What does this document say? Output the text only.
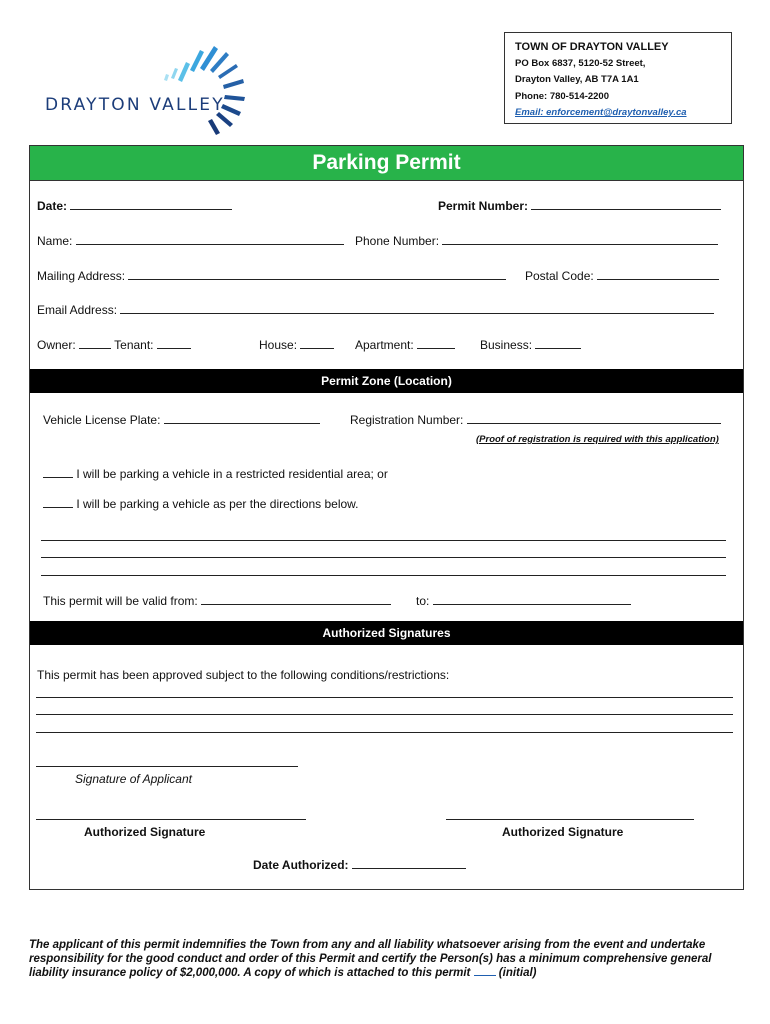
DRAYTON VALLEY
TOWN OF DRAYTON VALLEY
PO Box 6837, 5120-52 Street,
Drayton Valley, AB T7A 1A1
Phone: 780-514-2200
Email: enforcement@draytonvalley.ca
Parking Permit
Date:	Permit Number:
Name:	Phone Number:
Mailing Address:	Postal Code:
Email Address:
Owner:	Tenant:	House:	Apartment:	Business:
Permit Zone (Location)
Vehicle License Plate:	Registration Number:
(Proof of registration is required with this application)
I will be parking a vehicle in a restricted residential area; or
I will be parking a vehicle as per the directions below.
This permit will be valid from:	to:
Authorized Signatures
This permit has been approved subject to the following conditions/restrictions:
Signature of Applicant
Authorized Signature	Authorized Signature
Date Authorized:
The applicant of this permit indemnifies the Town from any and all liability whatsoever arising from the event and undertake responsibility for the good conduct and order of this Permit and certify the Person(s) has a minimum comprehensive general liability insurance policy of $2,000,000. A copy of which is attached to this permit (initial)
